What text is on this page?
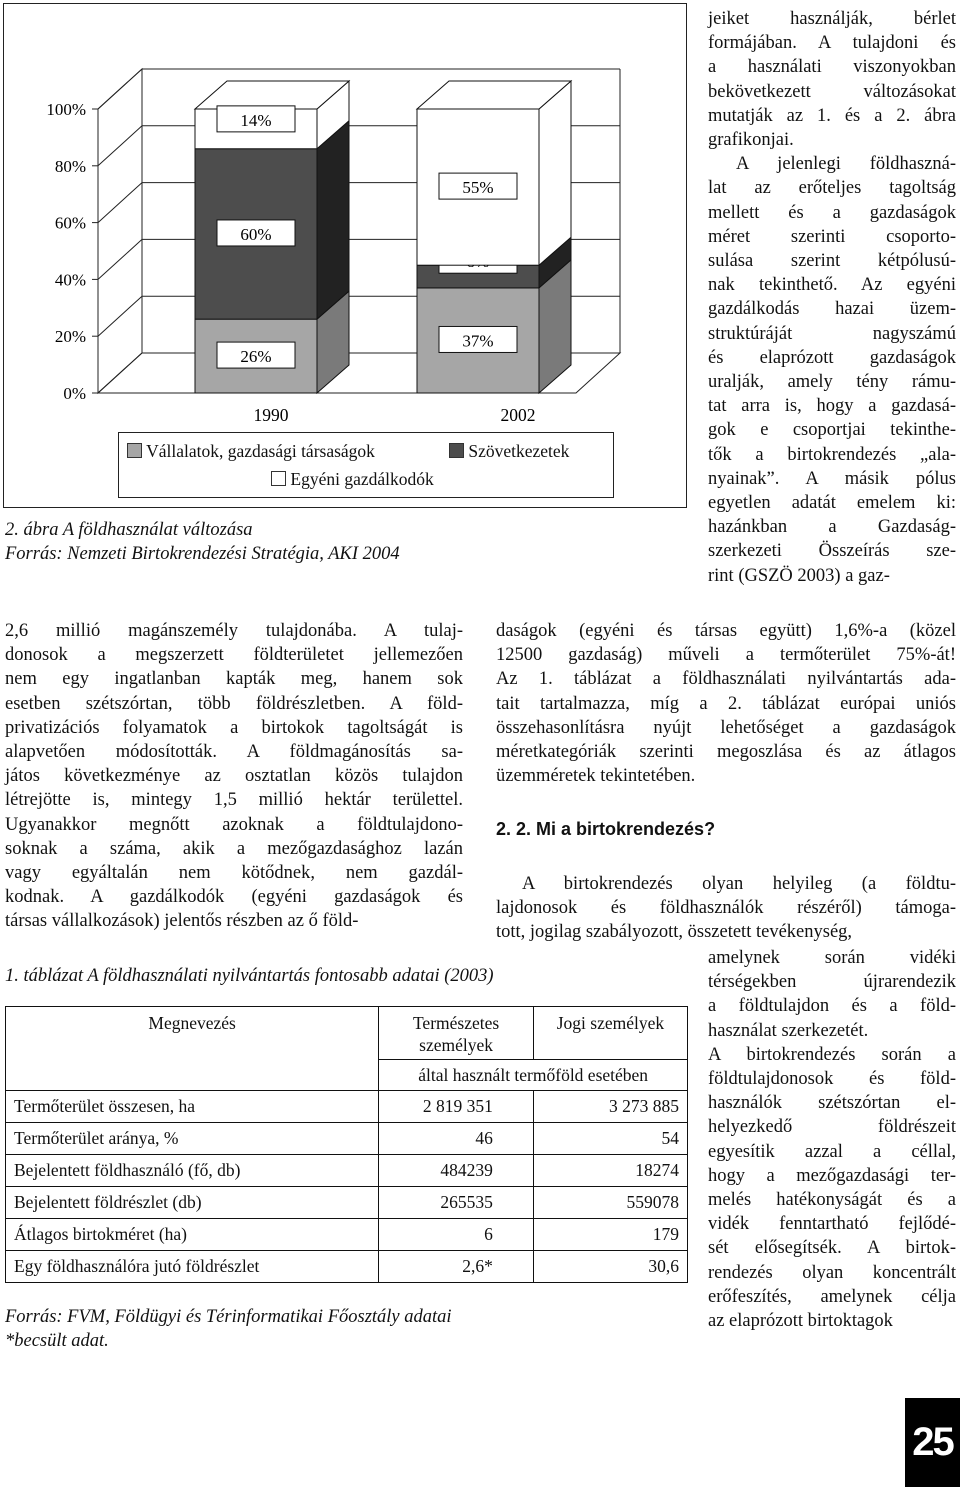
0%
20%
40%
60%
80%
100%
26%
60%
14%
1990
37%
55%
2002
Vállalatok, gazdasági társaságok	Szövetkezetek
Egyéni gazdálkodók
2. ábra A földhasználat változása
Forrás: Nemzeti Birtokrendezési Stratégia, AKI 2004
2,6 millió magánszemély tulajdonába. A tulaj-
donosok a megszerzett földterületet jellemezően
nem egy ingatlanban kapták meg, hanem sok
esetben szétszórtan, több földrészletben. A föld-
privatizációs folyamatok a birtokok tagoltságát is
alapvetően módosították. A földmagánosítás sa-
játos következménye az osztatlan közös tulajdon
létrejötte is, mintegy 1,5 millió hektár területtel.
Ugyanakkor megnőtt azoknak a földtulajdono-
soknak a száma, akik a mezőgazdasághoz lazán
vagy egyáltalán nem kötődnek, nem gazdál-
kodnak. A gazdálkodók (egyéni gazdaságok és
társas vállalkozások) jelentős részben az ő föld-
jeiket használják, bérlet
formájában. A tulajdoni és
a használati viszonyokban
bekövetkezett változásokat
mutatják az 1. és a 2. ábra
grafikonjai.
A jelenlegi földhaszná-
lat az erőteljes tagoltság
mellett és a gazdaságok
méret szerinti csoporto-
sulása szerint kétpólusú-
nak tekinthető. Az egyéni
gazdálkodás hazai üzem-
struktúráját nagyszámú
és elaprózott gazdaságok
uralják, amely tény rámu-
tat arra is, hogy a gazdasá-
gok e csoportjai tekinthe-
tők a birtokrendezés „ala-
nyainak”. A másik pólus
egyetlen adatát emelem ki:
hazánkban a Gazdaság-
szerkezeti Összeírás sze-
rint (GSZÖ 2003) a gaz-
daságok (egyéni és társas együtt) 1,6%-a (közel
12500 gazdaság) műveli a termőterület 75%-át!
Az 1. táblázat a földhasználati nyilvántartás ada-
tait tartalmazza, míg a 2. táblázat európai uniós
összehasonlításra nyújt lehetőséget a gazdaságok
méretkategóriák szerinti megoszlása és az átlagos
üzemméretek tekintetében.
2. 2. Mi a birtokrendezés?
A birtokrendezés olyan helyileg (a földtu-
lajdonosok és földhasználók részéről) támoga-
tott, jogilag szabályozott, összetett tevékenység,
amelynek során vidéki
térségekben újrarendezik
a földtulajdon és a föld-
használat szerkezetét.
A birtokrendezés során a
földtulajdonosok és föld-
használók szétszórtan el-
helyezkedő földrészeit
egyesítik azzal a céllal,
hogy a mezőgazdasági ter-
melés hatékonyságát és a
vidék fenntartható fejlődé-
sét elősegítsék. A birtok-
rendezés olyan koncentrált
erőfeszítés, amelynek célja
az elaprózott birtoktagok
1. táblázat A földhasználati nyilvántartás fontosabb adatai (2003)
Megnevezés	Természetes személyek	Jogi személyek
	által használt termőföld esetében	
Termőterület összesen, ha	2 819 351	3 273 885
Termőterület aránya, %	46	54
Bejelentett földhasználó (fő, db)	484239	18274
Bejelentett földrészlet (db)	265535	559078
Átlagos birtokméret (ha)	6	179
Egy földhasználóra jutó földrészlet	2,6*	30,6
Forrás: FVM, Földügyi és Térinformatikai Főosztály adatai
*becsült adat.
25
